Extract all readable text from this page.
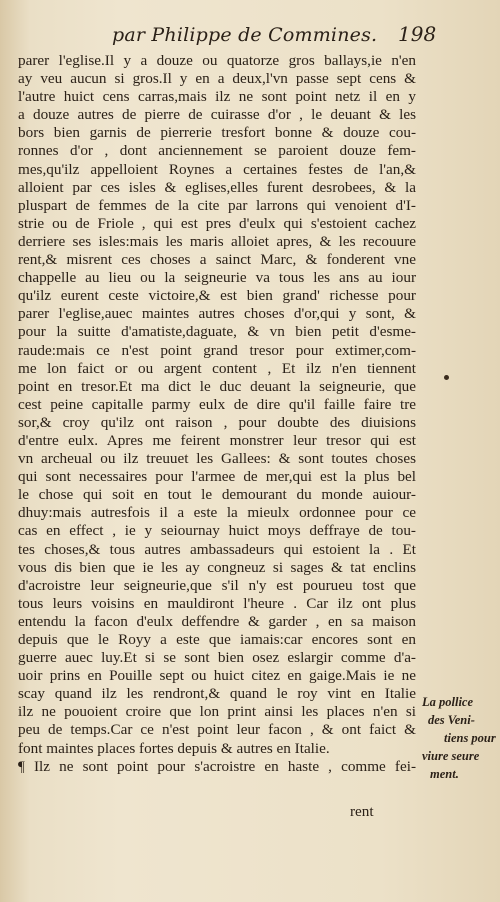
par Philippe de Commines. 198
parer l'eglise.Il y a douze ou quatorze gros ballays,ie n'en
ay veu aucun si gros.Il y en a deux,l'vn passe sept cens &
l'autre huict cens carras,mais ilz ne sont point netz il en y
a douze autres de pierre de cuirasse d'or , le deuant & les
bors bien garnis de pierrerie tresfort bonne & douze cou-
ronnes d'or , dont anciennement se paroient douze fem-
mes,qu'ilz appelloient Roynes a certaines festes de l'an,&
alloient par ces isles & eglises,elles furent desrobees, & la
pluspart de femmes de la cite par larrons qui venoient d'I-
strie ou de Friole , qui est pres d'eulx qui s'estoient cachez
derriere ses isles:mais les maris alloiet apres, & les recouure
rent,& misrent ces choses a sainct Marc, & fonderent vne
chappelle au lieu ou la seigneurie va tous les ans au iour
qu'ilz eurent ceste victoire,& est bien grand' richesse pour
parer l'eglise,auec maintes autres choses d'or,qui y sont, &
pour la suitte d'amatiste,daguate, & vn bien petit d'esme-
raude:mais ce n'est point grand tresor pour extimer,com-
me lon faict or ou argent content , Et ilz n'en tiennent
point en tresor.Et ma dict le duc deuant la seigneurie, que
cest peine capitalle parmy eulx de dire qu'il faille faire tre
sor,& croy qu'ilz ont raison , pour doubte des diuisions
d'entre eulx. Apres me feirent monstrer leur tresor qui est
vn archeual ou ilz treuuet les Gallees: & sont toutes choses
qui sont necessaires pour l'armee de mer,qui est la plus bel
le chose qui soit en tout le demourant du monde auiour-
dhuy:mais autresfois il a este la mieulx ordonnee pour ce
cas en effect , ie y seiournay huict moys deffraye de tou-
tes choses,& tous autres ambassadeurs qui estoient la . Et
vous dis bien que ie les ay congneuz si sages & tat enclins
d'acroistre leur seigneurie,que s'il n'y est pourueu tost que
tous leurs voisins en mauldiront l'heure . Car ilz ont plus
entendu la facon d'eulx deffendre & garder , en sa maison
depuis que le Royy a este que iamais:car encores sont en
guerre auec luy.Et si se sont bien osez eslargir comme d'a-
uoir prins en Pouille sept ou huict citez en gaige.Mais ie ne
scay quand ilz les rendront,& quand le roy vint en Italie
ilz ne pouoient croire que lon print ainsi les places n'en si
peu de temps.Car ce n'est point leur facon , & ont faict &
font maintes places fortes depuis & autres en Italie.
¶ Ilz ne sont point pour s'acroistre en haste , comme fei-
rent
La pollice
des Veni-
tiens pour
viure seure
ment.
